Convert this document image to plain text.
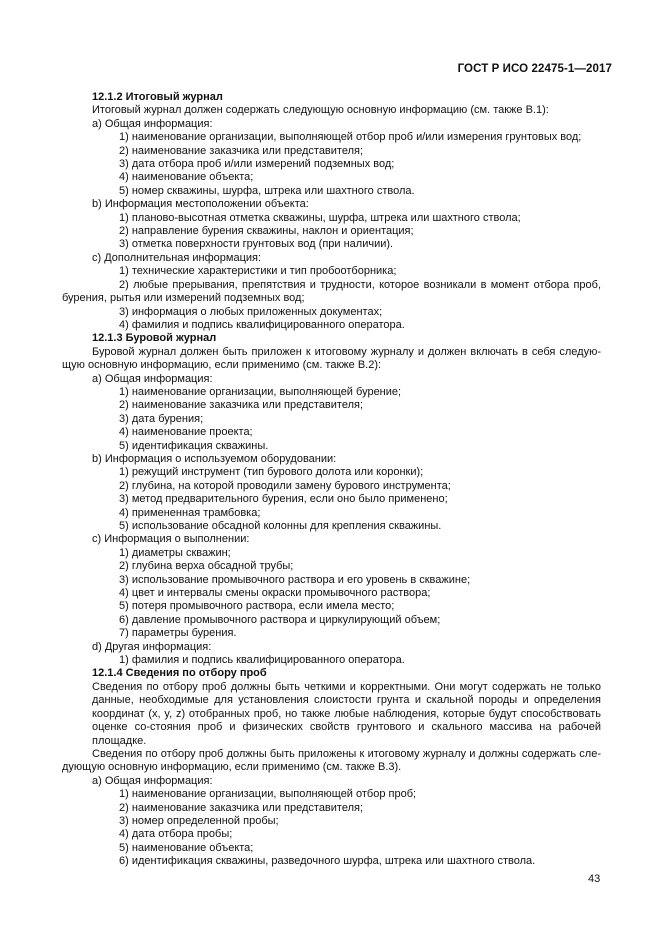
ГОСТ Р ИСО 22475-1—2017
12.1.2 Итоговый журнал
Итоговый журнал должен содержать следующую основную информацию (см. также В.1):
a) Общая информация:
1) наименование организации, выполняющей отбор проб и/или измерения грунтовых вод;
2) наименование заказчика или представителя;
3) дата отбора проб и/или измерений подземных вод;
4) наименование объекта;
5) номер скважины, шурфа, штрека или шахтного ствола.
b) Информация местоположении объекта:
1) планово-высотная отметка скважины, шурфа, штрека или шахтного ствола;
2) направление бурения скважины, наклон и ориентация;
3) отметка поверхности грунтовых вод (при наличии).
c) Дополнительная информация:
1) технические характеристики и тип пробоотборника;
2) любые прерывания, препятствия и трудности, которое возникали в момент отбора проб,
бурения, рытья или измерений подземных вод;
3) информация о любых приложенных документах;
4) фамилия и подпись квалифицированного оператора.
12.1.3 Буровой журнал
Буровой журнал должен быть приложен к итоговому журналу и должен включать в себя следую-
щую основную информацию, если применимо (см. также В.2):
a) Общая информация:
1) наименование организации, выполняющей бурение;
2) наименование заказчика или представителя;
3) дата бурения;
4) наименование проекта;
5) идентификация скважины.
b) Информация о используемом оборудовании:
1) режущий инструмент (тип бурового долота или коронки);
2) глубина, на которой проводили замену бурового инструмента;
3) метод предварительного бурения, если оно было применено;
4) примененная трамбовка;
5) использование обсадной колонны для крепления скважины.
c) Информация о выполнении:
1) диаметры скважин;
2) глубина верха обсадной трубы;
3) использование промывочного раствора и его уровень в скважине;
4) цвет и интервалы смены окраски промывочного раствора;
5) потеря промывочного раствора, если имела место;
6) давление промывочного раствора и циркулирующий объем;
7) параметры бурения.
d) Другая информация:
1) фамилия и подпись квалифицированного оператора.
12.1.4 Сведения по отбору проб
Сведения по отбору проб должны быть четкими и корректными. Они могут содержать не только данные, необходимые для установления слоистости грунта и скальной породы и определения координат (x, y, z) отобранных проб, но также любые наблюдения, которые будут способствовать оценке со-стояния проб и физических свойств грунтового и скального массива на рабочей площадке.
Сведения по отбору проб должны быть приложены к итоговому журналу и должны содержать сле-
дующую основную информацию, если применимо (см. также В.3).
a) Общая информация:
1) наименование организации, выполняющей отбор проб;
2) наименование заказчика или представителя;
3) номер определенной пробы;
4) дата отбора пробы;
5) наименование объекта;
6) идентификация скважины, разведочного шурфа, штрека или шахтного ствола.
43
